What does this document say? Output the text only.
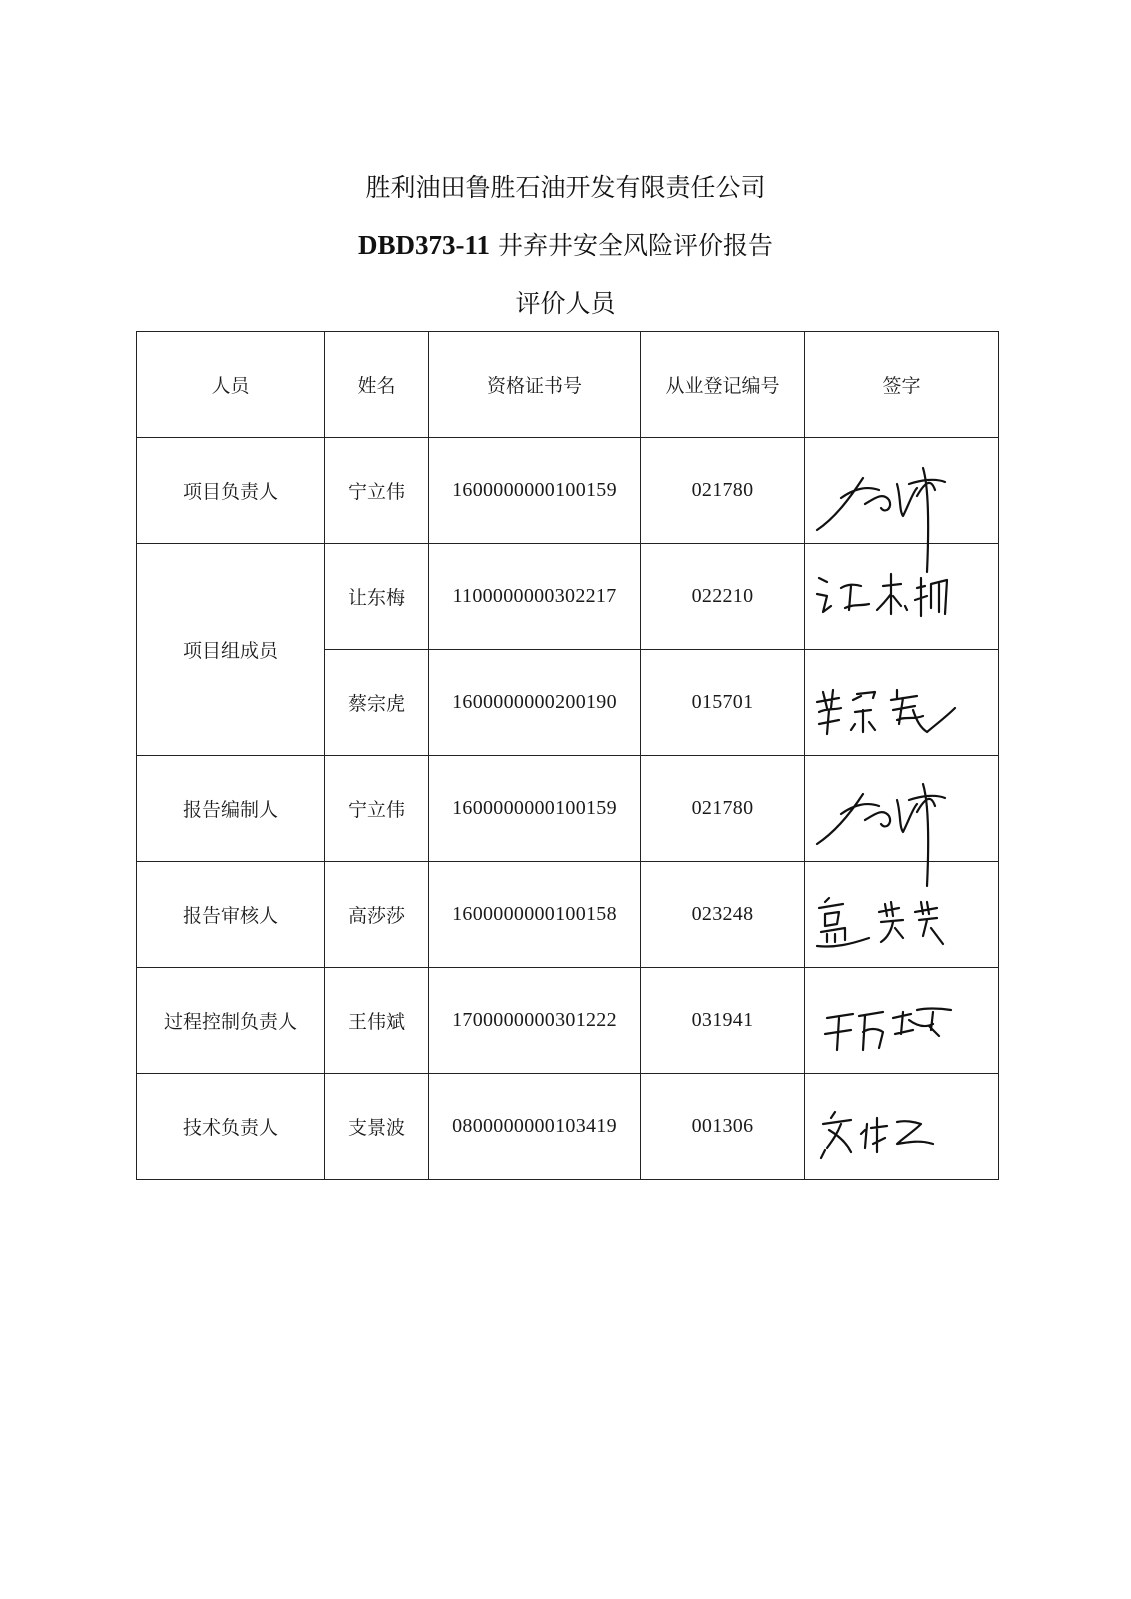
胜利油田鲁胜石油开发有限责任公司
DBD373-11 井弃井安全风险评价报告
评价人员
人员	姓名	资格证书号	从业登记编号	签字
项目负责人	宁立伟	1600000000100159	021780	

项目组成员	让东梅	1100000000302217	022210	

	蔡宗虎	1600000000200190	015701	

报告编制人	宁立伟	1600000000100159	021780	

报告审核人	高莎莎	1600000000100158	023248	

过程控制负责人	王伟斌	1700000000301222	031941	

技术负责人	支景波	0800000000103419	001306	
